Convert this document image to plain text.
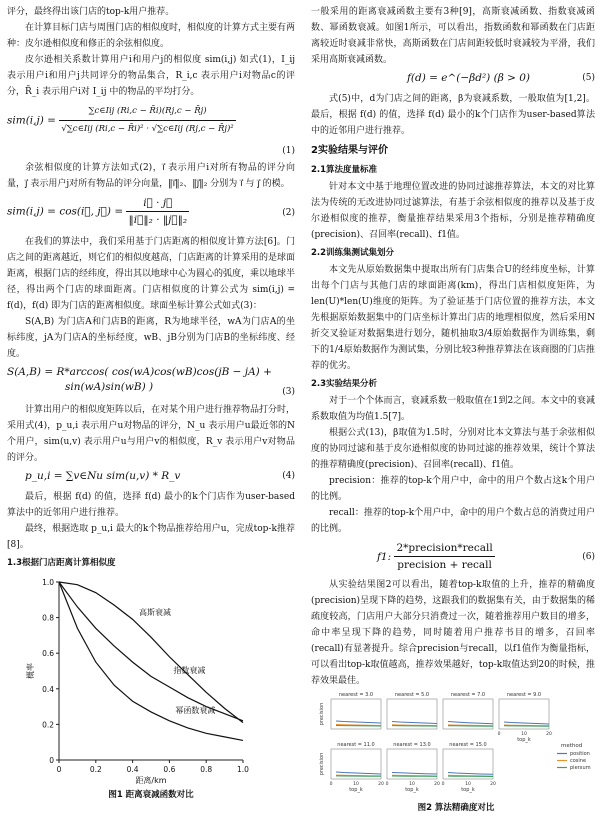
评分，最终得出该门店的top-k用户推荐。

在计算目标门店与周围门店的相似度时，相似度的计算方式主要有两种：皮尔逊相似度和修正的余弦相似度。

皮尔逊相关系数计算用户i和用户j的相似度 sim(i,j) 如式(1)，I_ij 表示用户i和用户j共同评分的物品集合，R_i,c 表示用户i对物品c的评分，R̄_i 表示用户i对 I_ij 中的物品的平均打分。

$sim(i,j) = \frac{\text{∑c∈Iij (Ri,c − R̄i)(Rj,c − R̄j)}}{\text{√∑c∈Iij (Ri,c − R̄i)² · √∑c∈Iij (Rj,c − R̄j)²}}$
(1)

余弦相似度的计算方法如式(2)，i⃗ 表示用户i对所有物品的评分向量，j⃗ 表示用户j对所有物品的评分向量，‖i⃗‖₂、‖j⃗‖₂ 分别为 i⃗ 与 j⃗ 的模。

sim(i,j) = cos(i⃗, j⃗) = $\frac{i⃗ \cdot j⃗}{\text{‖i⃗‖₂ · ‖j⃗‖₂}}$	(2)

在我们的算法中，我们采用基于门店距离的相似度计算方法[6]。门店之间的距离越近，则它们的相似度越高，门店距离的计算采用的是球面距离，根据门店的经纬度，得出其以地球中心为圆心的弧度，乘以地球半径，得出两个门店的球面距离。门店相似度的计算公式为 sim(i,j) = f(d)，f(d) 即为门店的距离相似度。球面坐标计算公式如式(3)：

S(A,B) 为门店A和门店B的距离，R为地球半径，wA为门店A的坐标纬度，jA为门店A的坐标经度，wB、jB分别为门店B的坐标纬度、经度。

S(A,B) = R*arccos( cos(wA)cos(wB)cos(jB − jA) +
sin(wA)sin(wB) )	(3)

计算出用户的相似度矩阵以后，在对某个用户进行推荐物品打分时，采用式(4)，p_u,i 表示用户u对物品的评分，N_u 表示用户u最近邻的N个用户，sim(u,v) 表示用户u与用户v的相似度，R_v 表示用户v对物品的评分。

p_u,i = ∑v∈Nu sim(u,v) * R_v	(4)

最后，根据 f(d) 的值，选择 f(d) 最小的k个门店作为user-based算法中的近邻用户进行推荐。

最终，根据选取 p_u,i 最大的k个物品推荐给用户u，完成top-k推荐[8]。

1.3根据门店距离计算相似度
0	0.2	0.4	0.6	0.8	1.0
0
0.2
0.4
0.6
0.8
1.0
距离/km
概率
高斯衰减
指数衰减
幂函数衰减
图1 距离衰减函数对比

一般采用的距离衰减函数主要有3种[9]，高斯衰减函数、指数衰减函数、幂函数衰减。如图1所示，可以看出，指数函数和幂函数在门店距离较近时衰减非常快，高斯函数在门店间距较低时衰减较为平滑，我们采用高斯衰减函数。

f(d) = e^(−βd²) (β > 0)	(5)

式(5)中，d为门店之间的距离，β为衰减系数，一般取值为[1,2]。最后，根据 f(d) 的值，选择 f(d) 最小的k个门店作为user-based算法中的近邻用户进行推荐。

2实验结果与评价
2.1算法度量标准

针对本文中基于地理位置改进的协同过滤推荐算法，本文的对比算法为传统的无改进协同过滤算法，有基于余弦相似度的推荐以及基于皮尔逊相似度的推荐，衡量推荐结果采用3个指标，分别是推荐精确度(precision)、召回率(recall)、f1值。

2.2训练集测试集划分

本文先从原始数据集中提取出所有门店集合U的经纬度坐标，计算出每个门店与其他门店的球面距离(km)，得出门店相似度矩阵，为len(U)*len(U)维度的矩阵。为了验证基于门店位置的推荐方法，本文先根据原始数据集中的门店坐标计算出门店的地理相似度，然后采用N折交叉验证对数据集进行划分，随机抽取3/4原始数据作为训练集，剩下的1/4原始数据作为测试集，分别比较3种推荐算法在该商圈的门店推荐的优劣。

2.3实验结果分析

对于一个个体而言，衰减系数一般取值在1到2之间。本文中的衰减系数取值为均值1.5[7]。

根据公式(13)，β取值为1.5时，分别对比本文算法与基于余弦相似度的协同过滤和基于皮尔逊相似度的协同过滤的推荐效果，统计个算法的推荐精确度(precision)、召回率(recall)、f1值。

precision：推荐的top-k个用户中，命中的用户个数占这k个用户的比例。

recall：推荐的top-k个用户中，命中的用户个数占总的消费过用户的比例。

f1: $\frac{\text{2*precision*recall}}{\text{precision + recall}}$	(6)

从实验结果图2可以看出，随着top-k取值的上升，推荐的精确度(precision)呈现下降的趋势，这跟我们的数据集有关，由于数据集的稀疏度较高，门店用户大部分只消费过一次，随着推荐用户数目的增多，命中率呈现下降的趋势，同时随着用户推荐书目的增多，召回率(recall)有显著提升。综合precision与recall，以f1值作为衡量指标，可以看出top-k取值越高，推荐效果越好，top-k取值达到20的时候，推荐效果最佳。

nearest = 3.0
precision
nearest = 5.0	nearest = 7.0	nearest = 9.0
0	10	20
top_k
nearest = 11.0
0	10	20
top_k
precision
nearest = 13.0
0	10	20
top_k
nearest = 15.0
0	10	20
top_k
method
position
cosine
pierxum
图2 算法精确度对比
